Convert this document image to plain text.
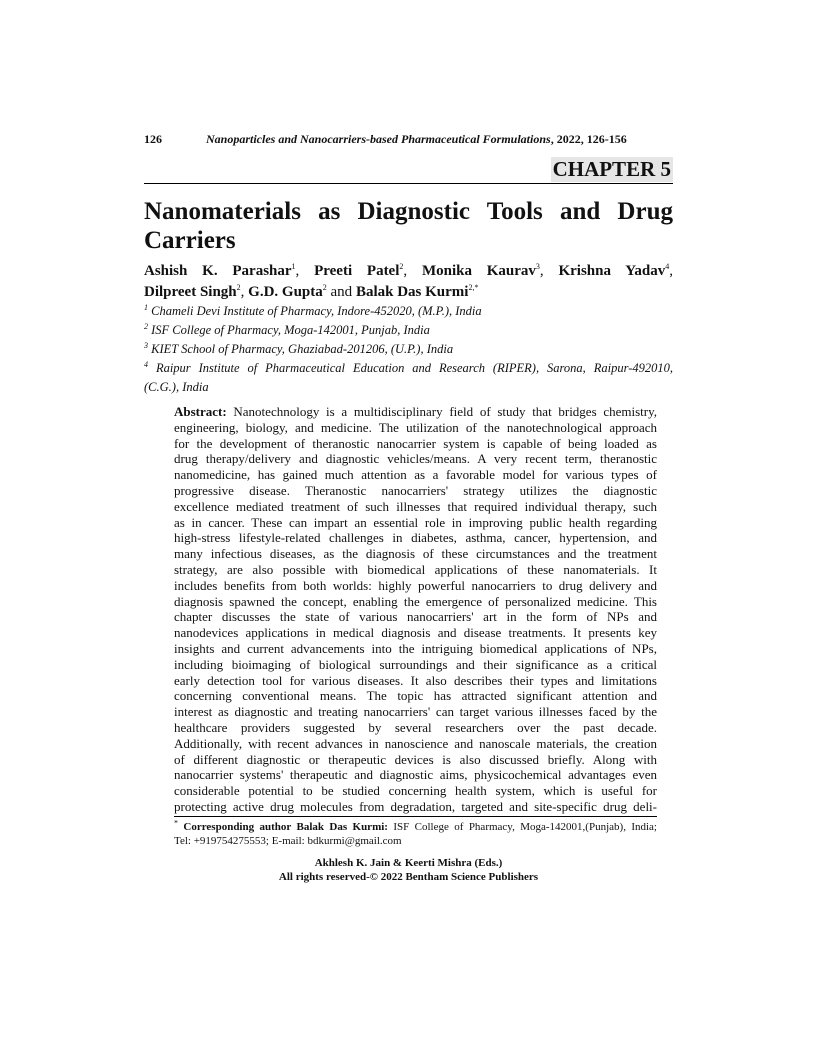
126	Nanoparticles and Nanocarriers-based Pharmaceutical Formulations, 2022, 126-156
CHAPTER 5
Nanomaterials as Diagnostic Tools and Drug
Carriers
Ashish K. Parashar$^1$, Preeti Patel$^2$, Monika Kaurav$^3$, Krishna Yadav$^4$,
Dilpreet Singh$^2$, G.D. Gupta$^2$ and Balak Das Kurmi$^{2,*}$
$^1$ Chameli Devi Institute of Pharmacy, Indore-452020, (M.P.), India
$^2$ ISF College of Pharmacy, Moga-142001, Punjab, India
$^3$ KIET School of Pharmacy, Ghaziabad-201206, (U.P.), India
$^4$ Raipur Institute of Pharmaceutical Education and Research (RIPER), Sarona, Raipur-492010,
(C.G.), India
Abstract: Nanotechnology is a multidisciplinary field of study that bridges chemistry,
engineering, biology, and medicine. The utilization of the nanotechnological approach
for the development of theranostic nanocarrier system is capable of being loaded as
drug therapy/delivery and diagnostic vehicles/means. A very recent term, theranostic
nanomedicine, has gained much attention as a favorable model for various types of
progressive disease. Theranostic nanocarriers' strategy utilizes the diagnostic
excellence mediated treatment of such illnesses that required individual therapy, such
as in cancer. These can impart an essential role in improving public health regarding
high-stress lifestyle-related challenges in diabetes, asthma, cancer, hypertension, and
many infectious diseases, as the diagnosis of these circumstances and the treatment
strategy, are also possible with biomedical applications of these nanomaterials. It
includes benefits from both worlds: highly powerful nanocarriers to drug delivery and
diagnosis spawned the concept, enabling the emergence of personalized medicine. This
chapter discusses the state of various nanocarriers' art in the form of NPs and
nanodevices applications in medical diagnosis and disease treatments. It presents key
insights and current advancements into the intriguing biomedical applications of NPs,
including bioimaging of biological surroundings and their significance as a critical
early detection tool for various diseases. It also describes their types and limitations
concerning conventional means. The topic has attracted significant attention and
interest as diagnostic and treating nanocarriers' can target various illnesses faced by the
healthcare providers suggested by several researchers over the past decade.
Additionally, with recent advances in nanoscience and nanoscale materials, the creation
of different diagnostic or therapeutic devices is also discussed briefly. Along with
nanocarrier systems' therapeutic and diagnostic aims, physicochemical advantages even
considerable potential to be studied concerning health system, which is useful for
protecting active drug molecules from degradation, targeted and site-specific drug deli-
* Corresponding author Balak Das Kurmi: ISF College of Pharmacy, Moga-142001,(Punjab), India;
Tel: +919754275553; E-mail: bdkurmi@gmail.com
Akhlesh K. Jain & Keerti Mishra (Eds.)
All rights reserved-© 2022 Bentham Science Publishers
